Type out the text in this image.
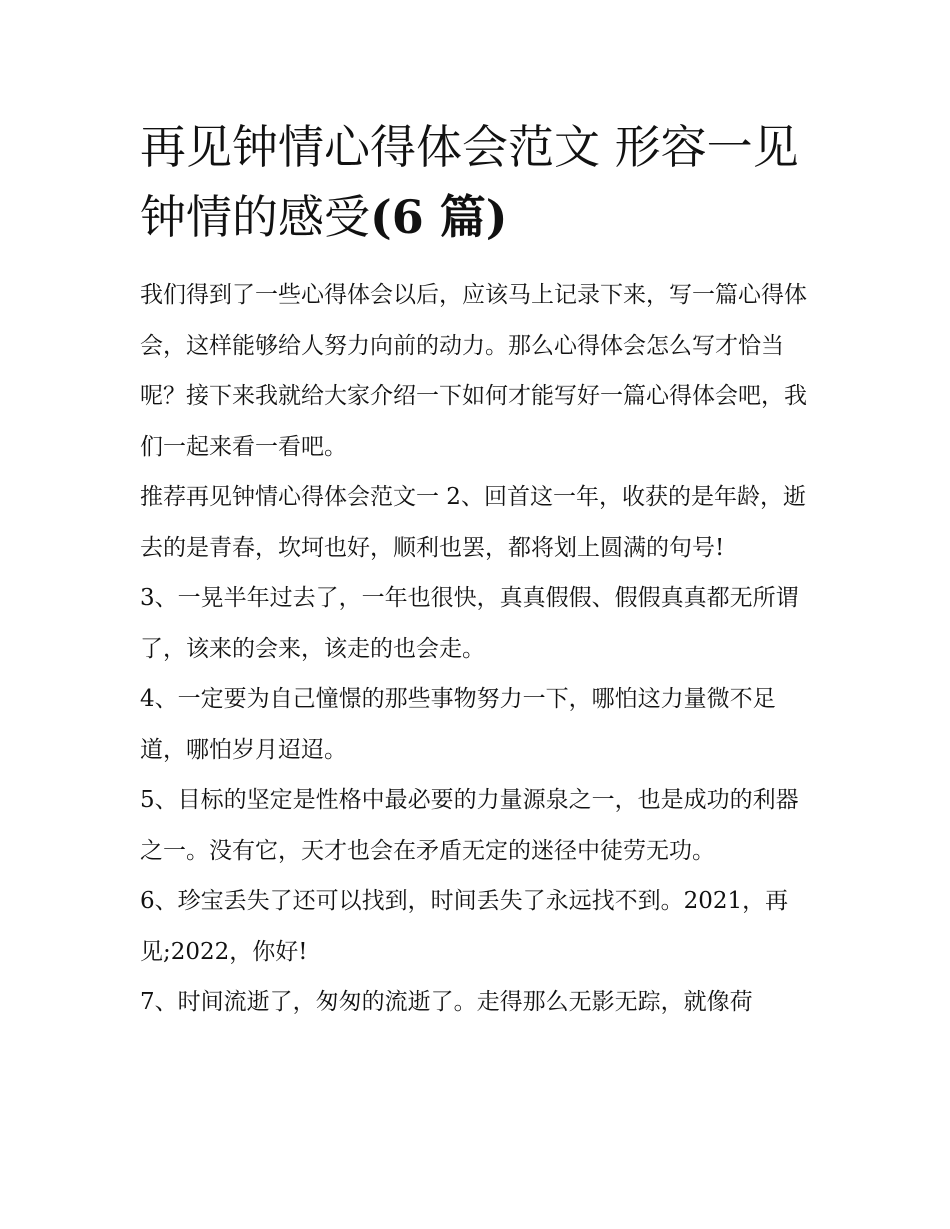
再见钟情心得体会范文 形容一见钟情的感受(6 篇)

我们得到了一些心得体会以后，应该马上记录下来，写一篇心得体会，这样能够给人努力向前的动力。那么心得体会怎么写才恰当呢？接下来我就给大家介绍一下如何才能写好一篇心得体会吧，我们一起来看一看吧。

推荐再见钟情心得体会范文一 2、回首这一年，收获的是年龄，逝去的是青春，坎坷也好，顺利也罢，都将划上圆满的句号!

3、一晃半年过去了，一年也很快，真真假假、假假真真都无所谓了，该来的会来，该走的也会走。

4、一定要为自己憧憬的那些事物努力一下，哪怕这力量微不足道，哪怕岁月迢迢。

5、目标的坚定是性格中最必要的力量源泉之一，也是成功的利器之一。没有它，天才也会在矛盾无定的迷径中徒劳无功。

6、珍宝丢失了还可以找到，时间丢失了永远找不到。2021，再见;2022，你好!

7、时间流逝了，匆匆的流逝了。走得那么无影无踪，就像荷
